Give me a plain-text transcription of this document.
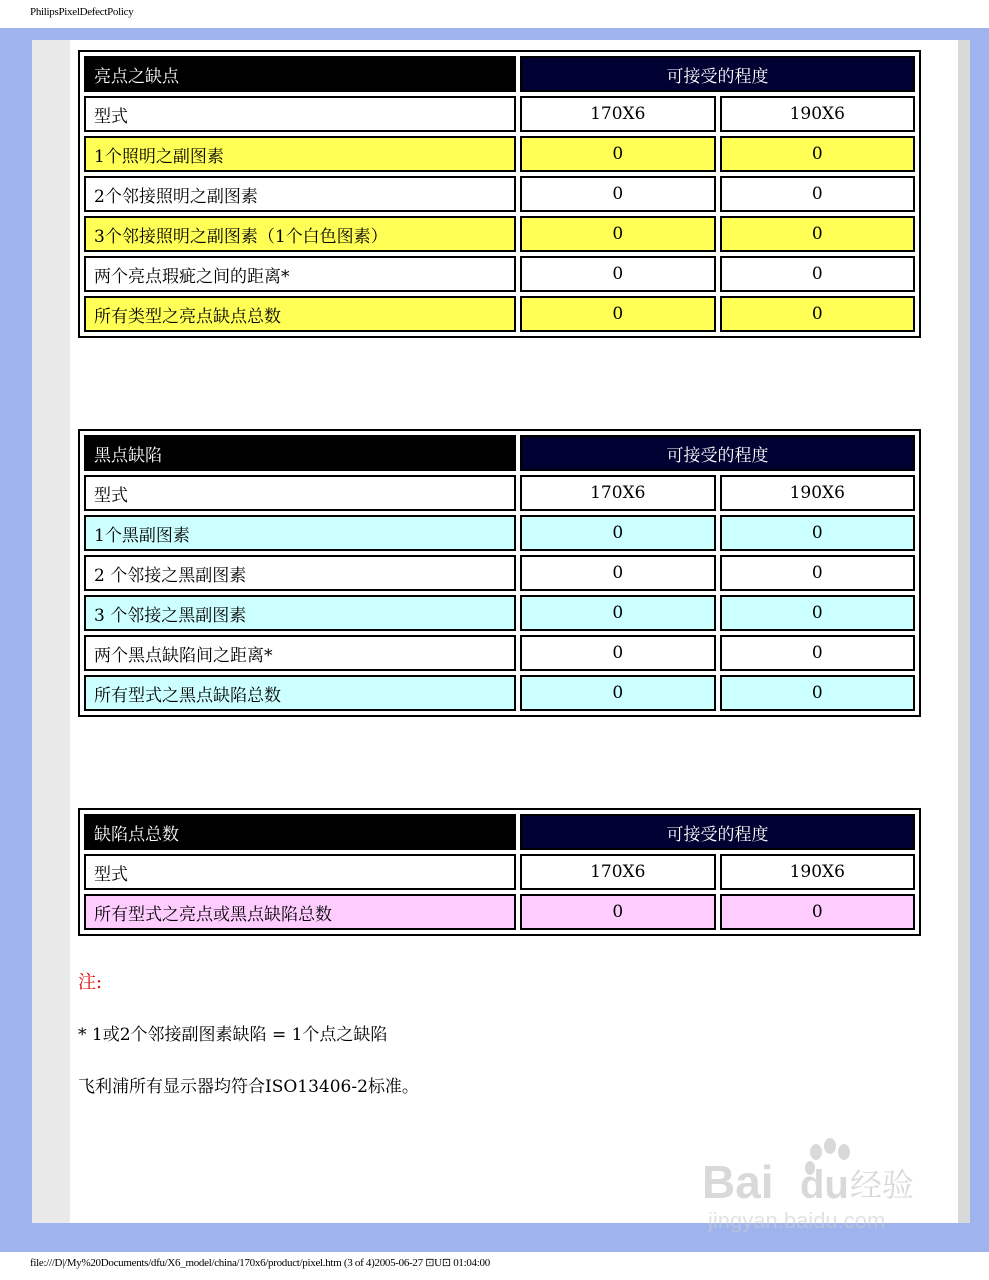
PhilipsPixelDefectPolicy
亮点之缺点	可接受的程度	
型式	170X6	190X6
1个照明之副图素	0	0
2个邻接照明之副图素	0	0
3个邻接照明之副图素（1个白色图素）	0	0
两个亮点瑕疵之间的距离*	0	0
所有类型之亮点缺点总数	0	0
黑点缺陷	可接受的程度	
型式	170X6	190X6
1个黑副图素	0	0
2 个邻接之黑副图素	0	0
3 个邻接之黑副图素	0	0
两个黑点缺陷间之距离*	0	0
所有型式之黑点缺陷总数	0	0
缺陷点总数	可接受的程度	
型式	170X6	190X6
所有型式之亮点或黑点缺陷总数	0	0
注:
* 1或2个邻接副图素缺陷 = 1个点之缺陷
飞利浦所有显示器均符合ISO13406-2标准。
Bai du 经验
jingyan.baidu.com
file:///D|/My%20Documents/dfu/X6_model/china/170x6/product/pixel.htm (3 of 4)2005-06-27 ⊡U⊡ 01:04:00
